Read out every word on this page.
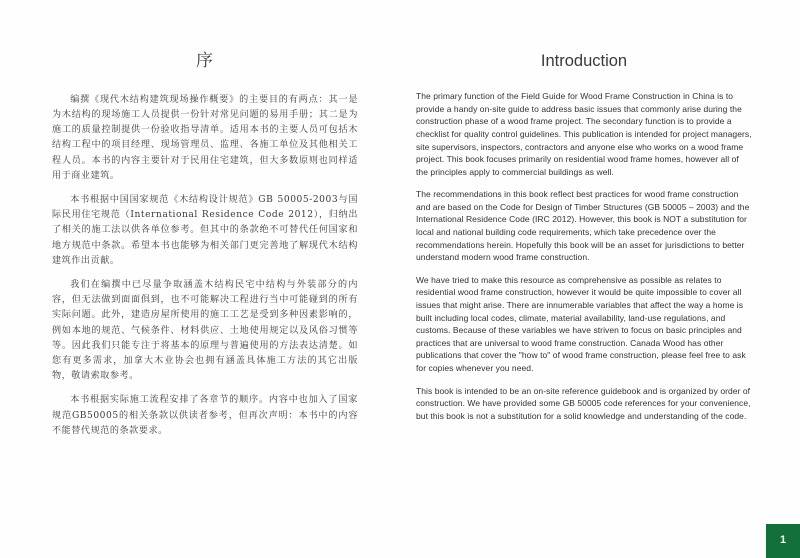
序

编撰《现代木结构建筑现场操作概要》的主要目的有两点：其一是为木结构的现场施工人员提供一份针对常见问题的易用手册；其二是为施工的质量控制提供一份验收指导清单。适用本书的主要人员可包括木结构工程中的项目经理、现场管理员、监理、各施工单位及其他相关工程人员。本书的内容主要针对于民用住宅建筑，但大多数原则也同样适用于商业建筑。

本书根据中国国家规范《木结构设计规范》GB 50005-2003与国际民用住宅规范（International Residence Code 2012），归纳出了相关的施工法以供各单位参考。但其中的条款绝不可替代任何国家和地方规范中条款。希望本书也能够为相关部门更完善地了解现代木结构建筑作出贡献。

我们在编撰中已尽量争取涵盖木结构民宅中结构与外装部分的内容，但无法做到面面俱到，也不可能解决工程进行当中可能碰到的所有实际问题。此外，建造房屋所使用的施工工艺是受到多种因素影响的，例如本地的规范、气候条件、材料供应、土地使用规定以及风俗习惯等等。因此我们只能专注于将基本的原理与普遍使用的方法表达清楚。如您有更多需求，加拿大木业协会也拥有涵盖具体施工方法的其它出版物，敬请索取参考。

本书根据实际施工流程安排了各章节的顺序。内容中也加入了国家规范GB50005的相关条款以供读者参考，但再次声明：本书中的内容不能替代规范的条款要求。

Introduction

The primary function of the Field Guide for Wood Frame Construction in China is to provide a handy on-site guide to address basic issues that commonly arise during the construction phase of a wood frame project. The secondary function is to provide a checklist for quality control guidelines. This publication is intended for project managers, site supervisors, inspectors, contractors and anyone else who works on a wood frame project. This book focuses primarily on residential wood frame homes, however all of the principles apply to commercial buildings as well.

The recommendations in this book reflect best practices for wood frame construction and are based on the Code for Design of Timber Structures (GB 50005 – 2003) and the International Residence Code (IRC 2012). However, this book is NOT a substitution for local and national building code requirements, which take precedence over the recommendations herein. Hopefully this book will be an asset for jurisdictions to better understand modern wood frame construction.

We have tried to make this resource as comprehensive as possible as relates to residential wood frame construction, however it would be quite impossible to cover all issues that might arise. There are innumerable variables that affect the way a home is built including local codes, climate, material availability, land-use regulations, and customs. Because of these variables we have striven to focus on basic principles and practices that are universal to wood frame construction. Canada Wood has other publications that cover the "how to" of wood frame construction, please feel free to ask for copies whenever you need.

This book is intended to be an on-site reference guidebook and is organized by order of construction. We have provided some GB 50005 code references for your convenience, but this book is not a substitution for a solid knowledge and understanding of the code.

1
